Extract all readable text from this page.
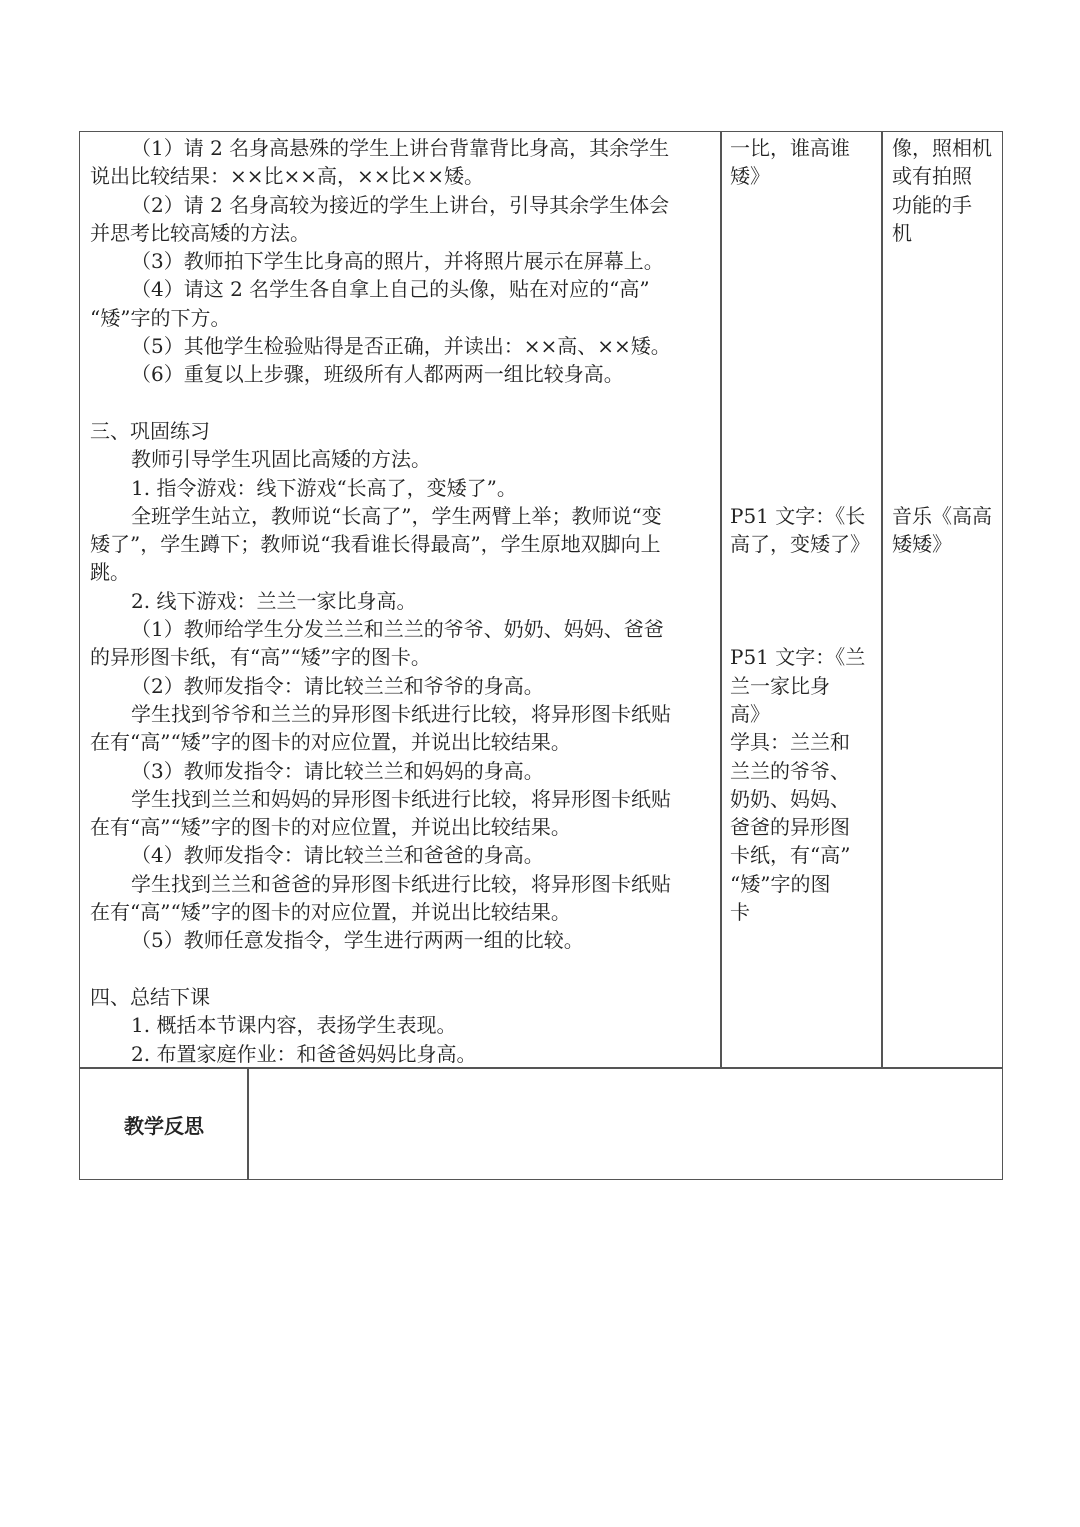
（1）请 2 名身高悬殊的学生上讲台背靠背比身高，其余学生

说出比较结果：××比××高，××比××矮。

（2）请 2 名身高较为接近的学生上讲台，引导其余学生体会

并思考比较高矮的方法。

（3）教师拍下学生比身高的照片，并将照片展示在屏幕上。

（4）请这 2 名学生各自拿上自己的头像，贴在对应的“高”

“矮”字的下方。

（5）其他学生检验贴得是否正确，并读出：××高、××矮。

（6）重复以上步骤，班级所有人都两两一组比较身高。

三、巩固练习

教师引导学生巩固比高矮的方法。

1. 指令游戏：线下游戏“长高了，变矮了”。

全班学生站立，教师说“长高了”，学生两臂上举；教师说“变

矮了”，学生蹲下；教师说“我看谁长得最高”，学生原地双脚向上

跳。

2. 线下游戏：兰兰一家比身高。

（1）教师给学生分发兰兰和兰兰的爷爷、奶奶、妈妈、爸爸

的异形图卡纸，有“高”“矮”字的图卡。

（2）教师发指令：请比较兰兰和爷爷的身高。

学生找到爷爷和兰兰的异形图卡纸进行比较，将异形图卡纸贴

在有“高”“矮”字的图卡的对应位置，并说出比较结果。

（3）教师发指令：请比较兰兰和妈妈的身高。

学生找到兰兰和妈妈的异形图卡纸进行比较，将异形图卡纸贴

在有“高”“矮”字的图卡的对应位置，并说出比较结果。

（4）教师发指令：请比较兰兰和爸爸的身高。

学生找到兰兰和爸爸的异形图卡纸进行比较，将异形图卡纸贴

在有“高”“矮”字的图卡的对应位置，并说出比较结果。

（5）教师任意发指令，学生进行两两一组的比较。

四、总结下课

1. 概括本节课内容，表扬学生表现。

2. 布置家庭作业：和爸爸妈妈比身高。

一比，谁高谁

矮》

P51 文字：《长

高了，变矮了》

P51 文字：《兰

兰一家比身

高》

学具：兰兰和

兰兰的爷爷、

奶奶、妈妈、

爸爸的异形图

卡纸，有“高”

“矮”字的图

卡

像，照相机

或有拍照

功能的手

机

音乐《高高

矮矮》

教学反思
